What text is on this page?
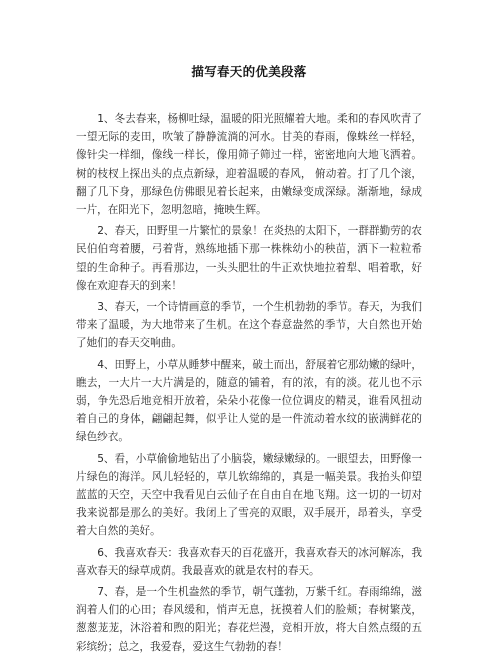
描写春天的优美段落

1、冬去春来，杨柳吐绿，温暖的阳光照耀着大地。柔和的春风吹青了一望无际的麦田，吹皱了静静流淌的河水。甘美的春雨，像蛛丝一样轻，像针尖一样细，像线一样长，像用筛子筛过一样，密密地向大地飞洒着。树的枝杈上探出头的点点新绿，迎着温暖的春风， 俯动着。打了几个滚，翻了几下身，那绿色仿佛眼见着长起来，由嫩绿变成深绿。渐渐地，绿成一片，在阳光下，忽明忽暗，掩映生辉。

2、春天，田野里一片繁忙的景象！在炎热的太阳下，一群群勤劳的农民伯伯弯着腰，弓着背，熟练地插下那一株株幼小的秧苗，洒下一粒粒希望的生命种子。再看那边，一头头肥壮的牛正欢快地拉着犁、唱着歌，好像在欢迎春天的到来！

3、春天，一个诗情画意的季节，一个生机勃勃的季节。春天，为我们带来了温暖，为大地带来了生机。在这个春意盎然的季节，大自然也开始了她们的春天交响曲。

4、田野上，小草从睡梦中醒来，破土而出，舒展着它那幼嫩的绿叶，瞧去，一大片一大片满是的，随意的铺着，有的浓，有的淡。花儿也不示弱，争先恐后地竞相开放着，朵朵小花像一位位调皮的精灵，谁看风扭动着自己的身体，翩翩起舞，似乎让人觉的是一件流动着水纹的嵌满鲜花的绿色纱衣。

5、看，小草偷偷地钻出了小脑袋，嫩绿嫩绿的。一眼望去，田野像一片绿色的海洋。风儿轻轻的，草儿软绵绵的，真是一幅美景。我抬头仰望蓝蓝的天空，天空中我看见白云仙子在自由自在地飞翔。这一切的一切对我来说都是那么的美好。我闭上了雪亮的双眼，双手展开，昂着头，享受着大自然的美好。

6、我喜欢春天：我喜欢春天的百花盛开，我喜欢春天的冰河解冻，我喜欢春天的绿草成荫。我最喜欢的就是农村的春天。

7、春，是一个生机盎然的季节，朝气蓬勃，万紫千红。春雨绵绵，滋润着人们的心田；春风缓和，悄声无息，抚摸着人们的脸颊；春树繁茂，葱葱茏茏，沐浴着和煦的阳光；春花烂漫，竞相开放，将大自然点缀的五彩缤纷；总之，我爱春，爱这生气勃勃的春！
